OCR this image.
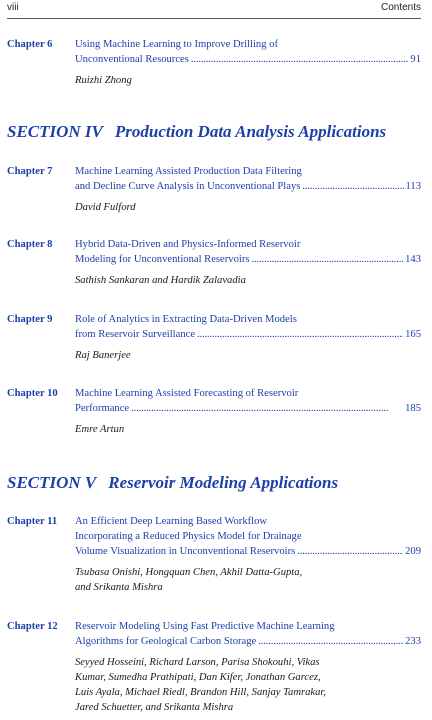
viii	Contents
Chapter 6 Using Machine Learning to Improve Drilling of
Unconventional Resources . . .	91
Ruizhi Zhong
SECTION IV Production Data Analysis Applications
Chapter 7 Machine Learning Assisted Production Data Filtering
and Decline Curve Analysis in Unconventional Plays . . .	113
David Fulford
Chapter 8 Hybrid Data-Driven and Physics-Informed Reservoir
Modeling for Unconventional Reservoirs . . .	143
Sathish Sankaran and Hardik Zalavadia
Chapter 9 Role of Analytics in Extracting Data-Driven Models
from Reservoir Surveillance . . .	165
Raj Banerjee
Chapter 10 Machine Learning Assisted Forecasting of Reservoir
Performance . . .	185
Emre Artun
SECTION V Reservoir Modeling Applications
Chapter 11 An Efficient Deep Learning Based Workflow
Incorporating a Reduced Physics Model for Drainage
Volume Visualization in Unconventional Reservoirs . . .	209
Tsubasa Onishi, Hongquan Chen, Akhil Datta-Gupta,
and Srikanta Mishra
Chapter 12 Reservoir Modeling Using Fast Predictive Machine Learning
Algorithms for Geological Carbon Storage . . .	233
Seyyed Hosseini, Richard Larson, Parisa Shokouhi, Vikas
Kumar, Sumedha Prathipati, Dan Kifer, Jonathan Garcez,
Luis Ayala, Michael Riedl, Brandon Hill, Sanjay Tamrakar,
Jared Schuetter, and Srikanta Mishra
